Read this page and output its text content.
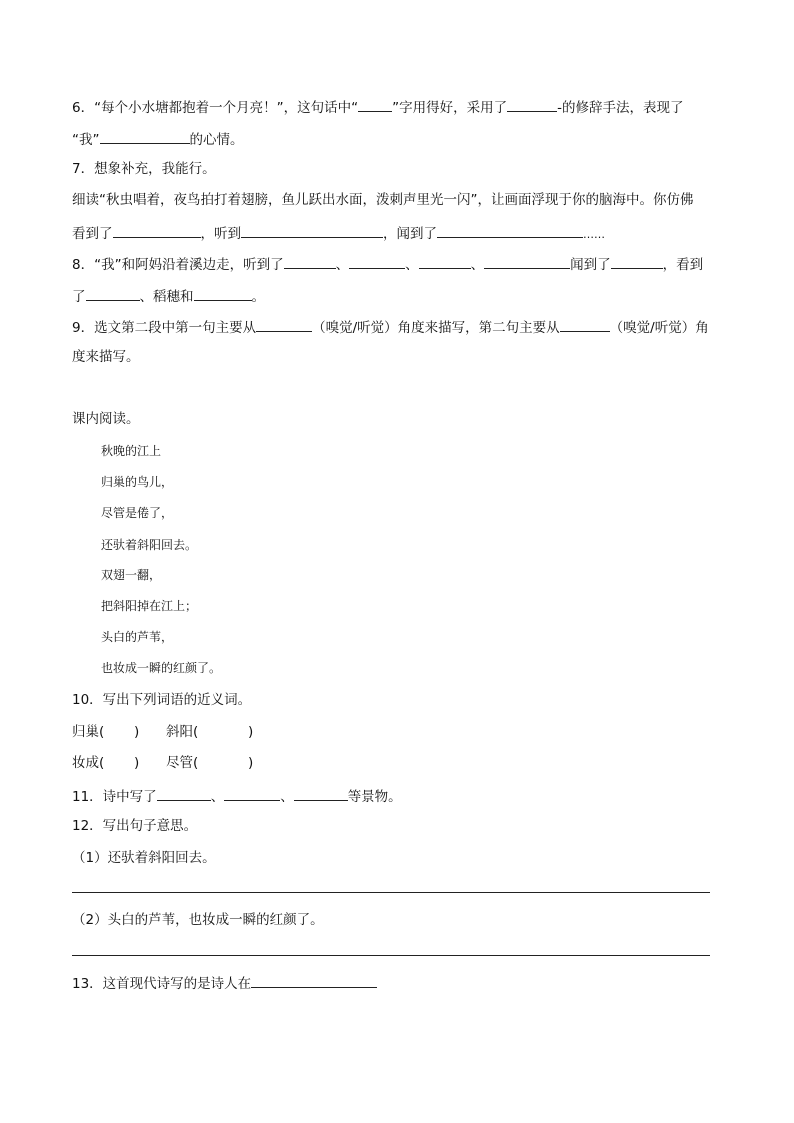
6．“每个小水塘都抱着一个月亮！”，这句话中“	”字用得好，采用了	-的修辞手法，表现了
“我”	的心情。
7．想象补充，我能行。
细读“秋虫唱着，夜鸟拍打着翅膀，鱼儿跃出水面，泼刺声里光一闪”，让画面浮现于你的脑海中。你仿佛
看到了	，听到	，闻到了	……
8．“我”和阿妈沿着溪边走，听到了	、	、	、	闻到了	，看到
了	、稻穗和	。
9．选文第二段中第一句主要从	（嗅觉/听觉）角度来描写，第二句主要从	（嗅觉/听觉）角
度来描写。
课内阅读。
秋晚的江上
归巢的鸟儿，
尽管是倦了，
还驮着斜阳回去。
双翅一翻，
把斜阳掉在江上；
头白的芦苇，
也妆成一瞬的红颜了。
10．写出下列词语的近义词。
归巢( ) 斜阳(	)
妆成( ) 尽管(	)
11．诗中写了	、	、	等景物。
12．写出句子意思。
（1）还驮着斜阳回去。
（2）头白的芦苇，也妆成一瞬的红颜了。
13．这首现代诗写的是诗人在
